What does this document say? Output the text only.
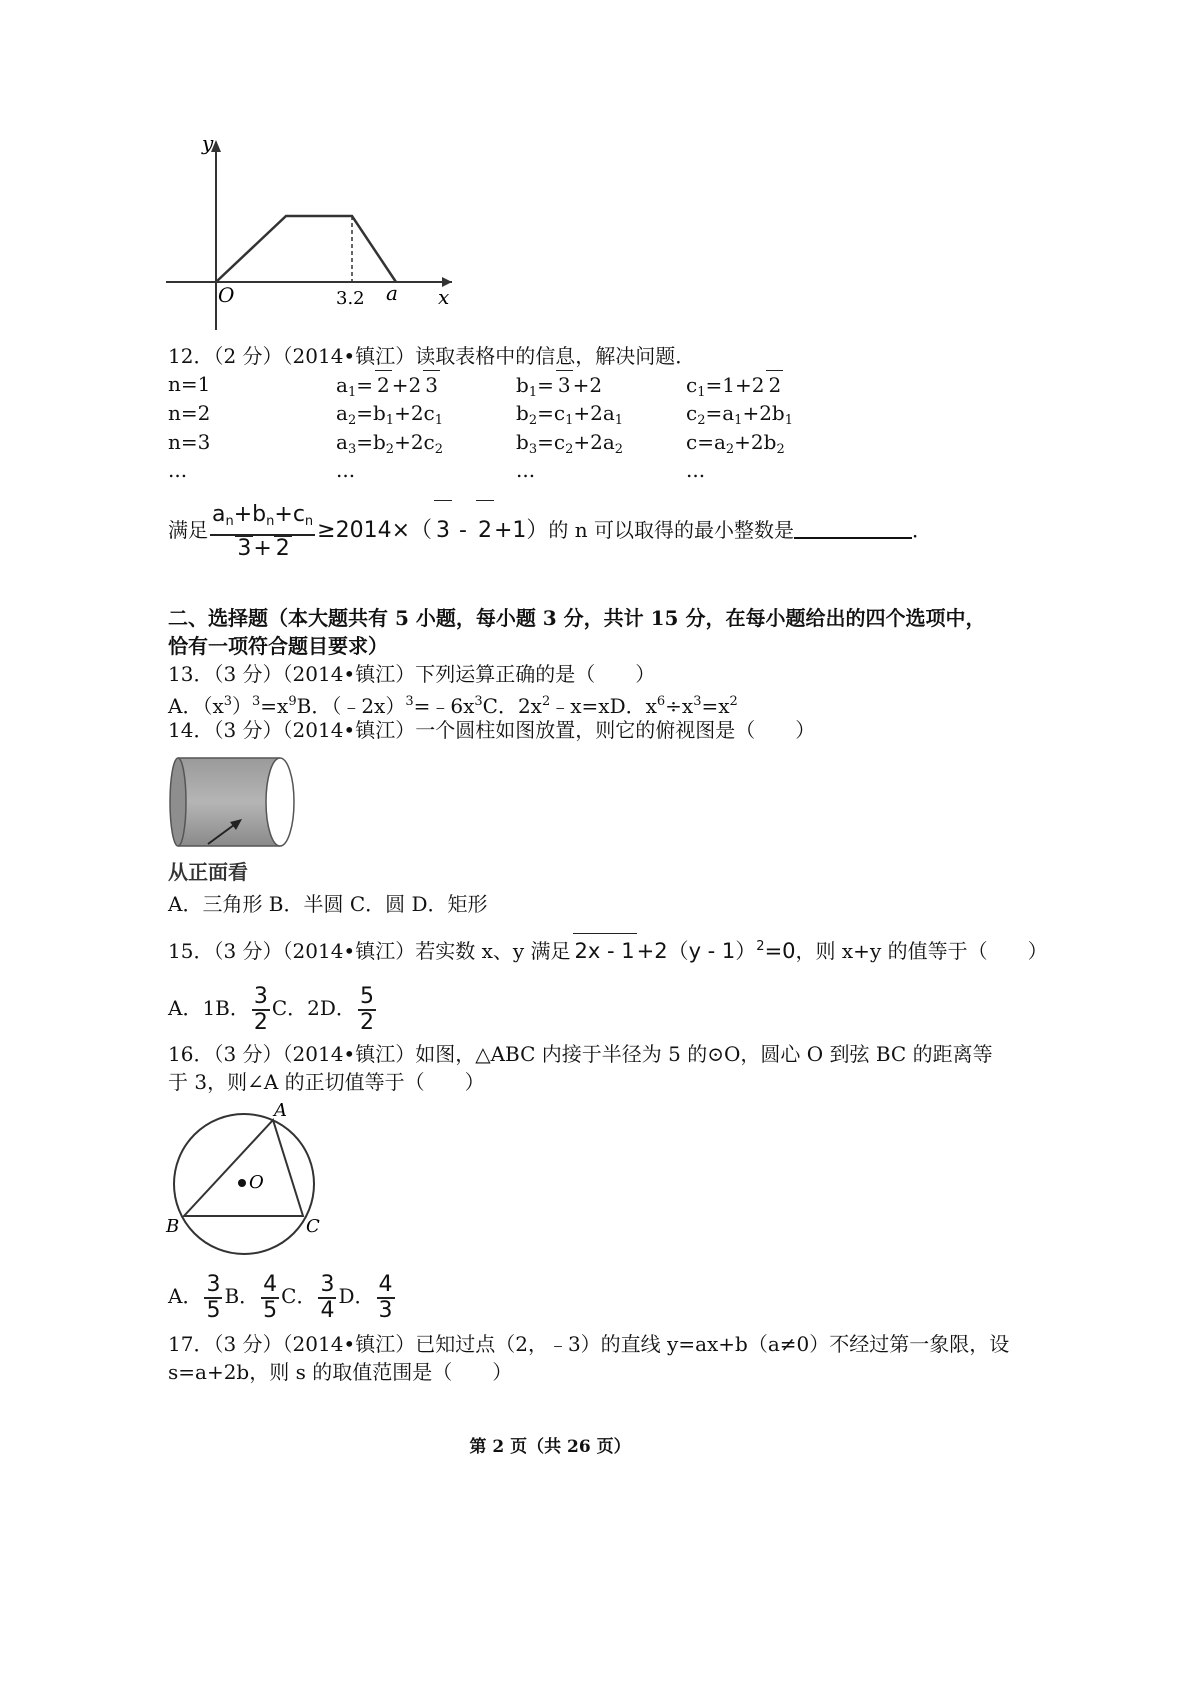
y
x
O	3.2 a
12．（2 分）（2014•镇江）读取表格中的信息，解决问题．
n=1	$a_1= 2 +2$ 3	$b_1= 3 +2$	$c_1=1+2$ 2
n=2	$a_2=b_1+2c_1$	$b_2=c_1+2a_1$	$c_2=a_1+2b_1$
n=3	$a_3=b_2+2c_2$	$b_3=c_2+2a_2$	$c=a_2+2b_2$
...	...	...	...
满足 $\frac{a_n+b_n+c_n}{3+ 2} \ge 2014\times$（ 3 - 2+1）的 n 可以取得的最小整数是	．
二、选择题（本大题共有 5 小题，每小题 3 分，共计 15 分，在每小题给出的四个选项中，
恰有一项符合题目要求）
13．（3 分）（2014•镇江）下列运算正确的是（　　）
A．$(x^3)^3=x^9B$．$(﹣2x)^3=﹣6x^3C$．$2x^2﹣x=xD$．$x^6\div x^3=x^2$
14．（3 分）（2014•镇江）一个圆柱如图放置，则它的俯视图是（　　）
从正面看
A．三角形 B．半圆 C．圆 D．矩形
15．（3 分）（2014•镇江）若实数 x、y 满足 2x - 1+2（y - 1）$^2$=0，则 x+y 的值等于（　　）
A．1B． $\frac{3}{2}$ C．2D． $\frac{5}{2}$
16．（3 分）（2014•镇江）如图，△ABC 内接于半径为 5 的⊙O，圆心 O 到弦 BC 的距离等
于 3，则∠A 的正切值等于（　　）
A
B	C
O
A． $\frac{3}{5}$ B． $\frac{4}{5}$ C． $\frac{3}{4}$ D． $\frac{4}{3}$
17．（3 分）（2014•镇江）已知过点（2，﹣3）的直线 y=ax+b（a≠0）不经过第一象限，设
s=a+2b，则 s 的取值范围是（　　）
第 2 页（共 26 页）
